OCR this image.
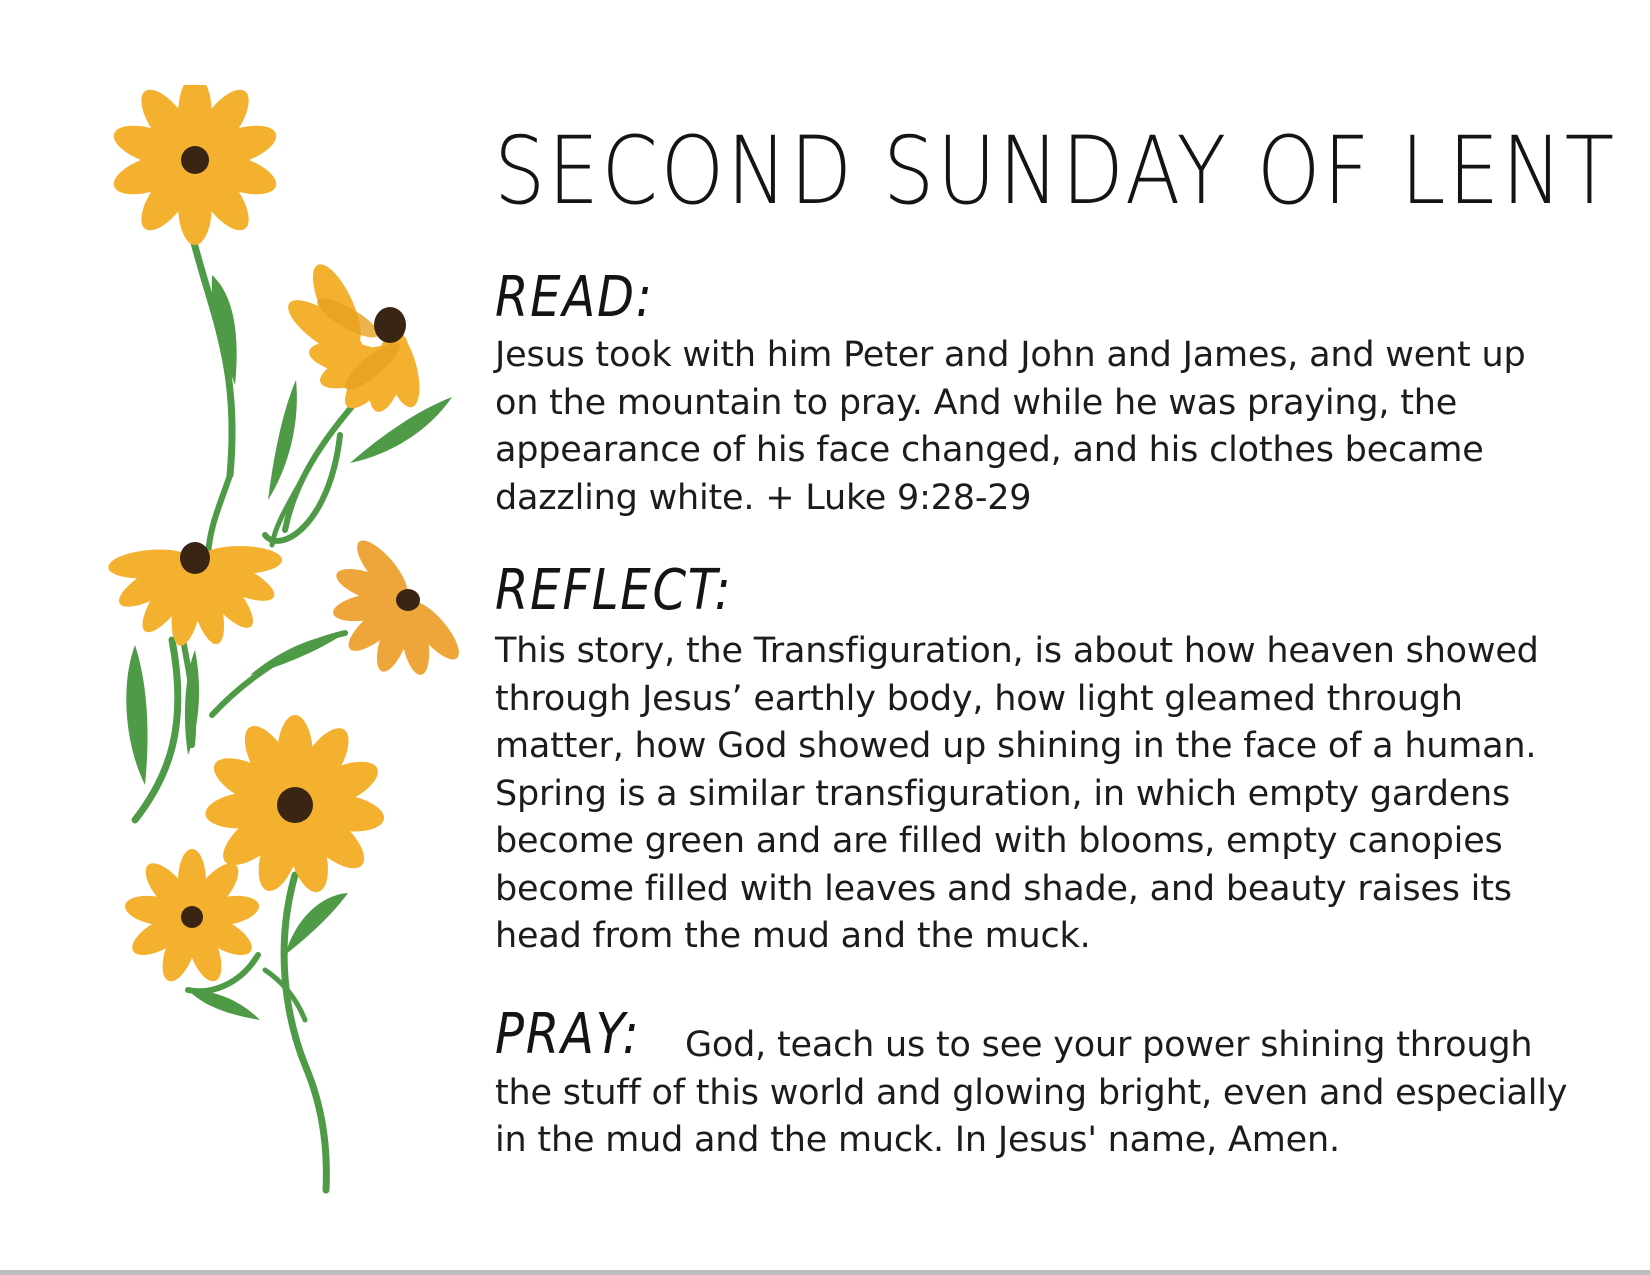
SECOND SUNDAY OF LENT
READ:

Jesus took with him Peter and John and James, and went up on the mountain to pray. And while he was praying, the appearance of his face changed, and his clothes became dazzling white. + Luke 9:28-29

REFLECT:

This story, the Transfiguration, is about how heaven showed through Jesus’ earthly body, how light gleamed through matter, how God showed up shining in the face of a human. Spring is a similar transfiguration, in which empty gardens become green and are filled with blooms, empty canopies become filled with leaves and shade, and beauty raises its head from the mud and the muck.

PRAY:	God, teach us to see your power shining through the stuff of this world and glowing bright, even and especially in the mud and the muck. In Jesus' name, Amen.
